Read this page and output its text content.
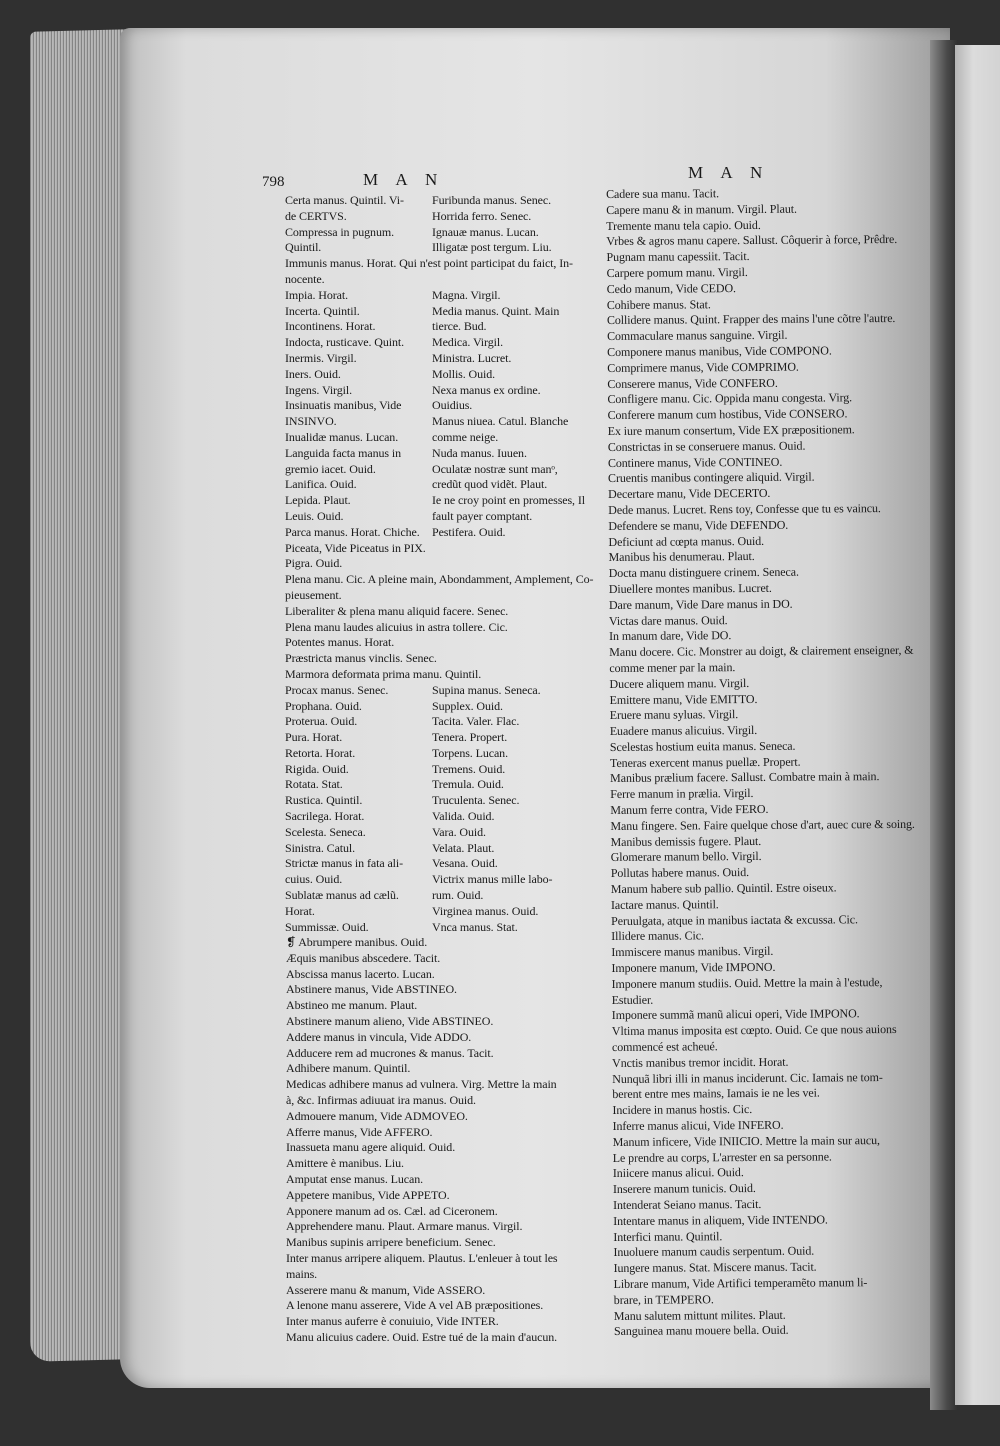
798	M A N	M A N
Certa manus. Quintil. Vi-
de CERTVS.
Compressa in pugnum.
Quintil.
Immunis manus. Horat. Qui n'est point participat du faict, In-
nocente.
Impia. Horat.
Incerta. Quintil.
Incontinens. Horat.
Indocta, rusticave. Quint.
Inermis. Virgil.
Iners. Ouid.
Ingens. Virgil.
Insinuatis manibus, Vide
INSINVO.
Inualidæ manus. Lucan.
Languida facta manus in
gremio iacet. Ouid.
Lanifica. Ouid.
Lepida. Plaut.
Leuis. Ouid.
Parca manus. Horat. Chiche.
Piceata, Vide Piceatus in PIX.
Pigra. Ouid.
Plena manu. Cic. A pleine main, Abondamment, Amplement, Co-
pieusement.
Liberaliter & plena manu aliquid facere. Senec.
Plena manu laudes alicuius in astra tollere. Cic.
Potentes manus. Horat.
Præstricta manus vinclis. Senec.
Marmora deformata prima manu. Quintil.
Procax manus. Senec.
Prophana. Ouid.
Proterua. Ouid.
Pura. Horat.
Retorta. Horat.
Rigida. Ouid.
Rotata. Stat.
Rustica. Quintil.
Sacrilega. Horat.
Scelesta. Seneca.
Sinistra. Catul.
Strictæ manus in fata ali-
cuius. Ouid.
Sublatæ manus ad cælũ.
Horat.
Summissæ. Ouid.
Furibunda manus. Senec.
Horrida ferro. Senec.
Ignauæ manus. Lucan.
Illigatæ post tergum. Liu.
Magna. Virgil.
Media manus. Quint. Main
tierce. Bud.
Medica. Virgil.
Ministra. Lucret.
Mollis. Ouid.
Nexa manus ex ordine.
Ouidius.
Manus niuea. Catul. Blanche
comme neige.
Nuda manus. Iuuen.
Oculatæ nostræ sunt manᵒ,
credũt quod vidẽt. Plaut.
Ie ne croy point en promesses, Il
fault payer comptant.
Pestifera. Ouid.
Supina manus. Seneca.
Supplex. Ouid.
Tacita. Valer. Flac.
Tenera. Propert.
Torpens. Lucan.
Tremens. Ouid.
Tremula. Ouid.
Truculenta. Senec.
Valida. Ouid.
Vara. Ouid.
Velata. Plaut.
Vesana. Ouid.
Victrix manus mille labo-
rum. Ouid.
Virginea manus. Ouid.
Vnca manus. Stat.
❡ Abrumpere manibus. Ouid.
Æquis manibus abscedere. Tacit.
Abscissa manus lacerto. Lucan.
Abstinere manus, Vide ABSTINEO.
Abstineo me manum. Plaut.
Abstinere manum alieno, Vide ABSTINEO.
Addere manus in vincula, Vide ADDO.
Adducere rem ad mucrones & manus. Tacit.
Adhibere manum. Quintil.
Medicas adhibere manus ad vulnera. Virg. Mettre la main
à, &c. Infirmas adiuuat ira manus. Ouid.
Admouere manum, Vide ADMOVEO.
Afferre manus, Vide AFFERO.
Inassueta manu agere aliquid. Ouid.
Amittere è manibus. Liu.
Amputat ense manus. Lucan.
Appetere manibus, Vide APPETO.
Apponere manum ad os. Cæl. ad Ciceronem.
Apprehendere manu. Plaut. Armare manus. Virgil.
Manibus supinis arripere beneficium. Senec.
Inter manus arripere aliquem. Plautus. L'enleuer à tout les
mains.
Asserere manu & manum, Vide ASSERO.
A lenone manu asserere, Vide A vel AB præpositiones.
Inter manus auferre è conuiuio, Vide INTER.
Manu alicuius cadere. Ouid. Estre tué de la main d'aucun.
Cadere sua manu. Tacit.
Capere manu & in manum. Virgil. Plaut.
Tremente manu tela capio. Ouid.
Vrbes & agros manu capere. Sallust. Côquerir à force, Prêdre.
Pugnam manu capessiit. Tacit.
Carpere pomum manu. Virgil.
Cedo manum, Vide CEDO.
Cohibere manus. Stat.
Collidere manus. Quint. Frapper des mains l'une cõtre l'autre.
Commaculare manus sanguine. Virgil.
Componere manus manibus, Vide COMPONO.
Comprimere manus, Vide COMPRIMO.
Conserere manus, Vide CONFERO.
Confligere manu. Cic. Oppida manu congesta. Virg.
Conferere manum cum hostibus, Vide CONSERO.
Ex iure manum consertum, Vide EX præpositionem.
Constrictas in se conseruere manus. Ouid.
Continere manus, Vide CONTINEO.
Cruentis manibus contingere aliquid. Virgil.
Decertare manu, Vide DECERTO.
Dede manus. Lucret. Rens toy, Confesse que tu es vaincu.
Defendere se manu, Vide DEFENDO.
Deficiunt ad cœpta manus. Ouid.
Manibus his denumerau. Plaut.
Docta manu distinguere crinem. Seneca.
Diuellere montes manibus. Lucret.
Dare manum, Vide Dare manus in DO.
Victas dare manus. Ouid.
In manum dare, Vide DO.
Manu docere. Cic. Monstrer au doigt, & clairement enseigner, &
comme mener par la main.
Ducere aliquem manu. Virgil.
Emittere manu, Vide EMITTO.
Eruere manu syluas. Virgil.
Euadere manus alicuius. Virgil.
Scelestas hostium euita manus. Seneca.
Teneras exercent manus puellæ. Propert.
Manibus prælium facere. Sallust. Combatre main à main.
Ferre manum in prælia. Virgil.
Manum ferre contra, Vide FERO.
Manu fingere. Sen. Faire quelque chose d'art, auec cure & soing.
Manibus demissis fugere. Plaut.
Glomerare manum bello. Virgil.
Pollutas habere manus. Ouid.
Manum habere sub pallio. Quintil. Estre oiseux.
Iactare manus. Quintil.
Peruulgata, atque in manibus iactata & excussa. Cic.
Illidere manus. Cic.
Immiscere manus manibus. Virgil.
Imponere manum, Vide IMPONO.
Imponere manum studiis. Ouid. Mettre la main à l'estude,
Estudier.
Imponere summã manũ alicui operi, Vide IMPONO.
Vltima manus imposita est cœpto. Ouid. Ce que nous auions
commencé est acheué.
Vnctis manibus tremor incidit. Horat.
Nunquã libri illi in manus inciderunt. Cic. Iamais ne tom-
berent entre mes mains, Iamais ie ne les vei.
Incidere in manus hostis. Cic.
Inferre manus alicui, Vide INFERO.
Manum inficere, Vide INIICIO. Mettre la main sur aucu,
Le prendre au corps, L'arrester en sa personne.
Iniicere manus alicui. Ouid.
Inserere manum tunicis. Ouid.
Intenderat Seiano manus. Tacit.
Intentare manus in aliquem, Vide INTENDO.
Interfici manu. Quintil.
Inuoluere manum caudis serpentum. Ouid.
Iungere manus. Stat. Miscere manus. Tacit.
Librare manum, Vide Artifici temperamẽto manum li-
brare, in TEMPERO.
Manu salutem mittunt milites. Plaut.
Sanguinea manu mouere bella. Ouid.
